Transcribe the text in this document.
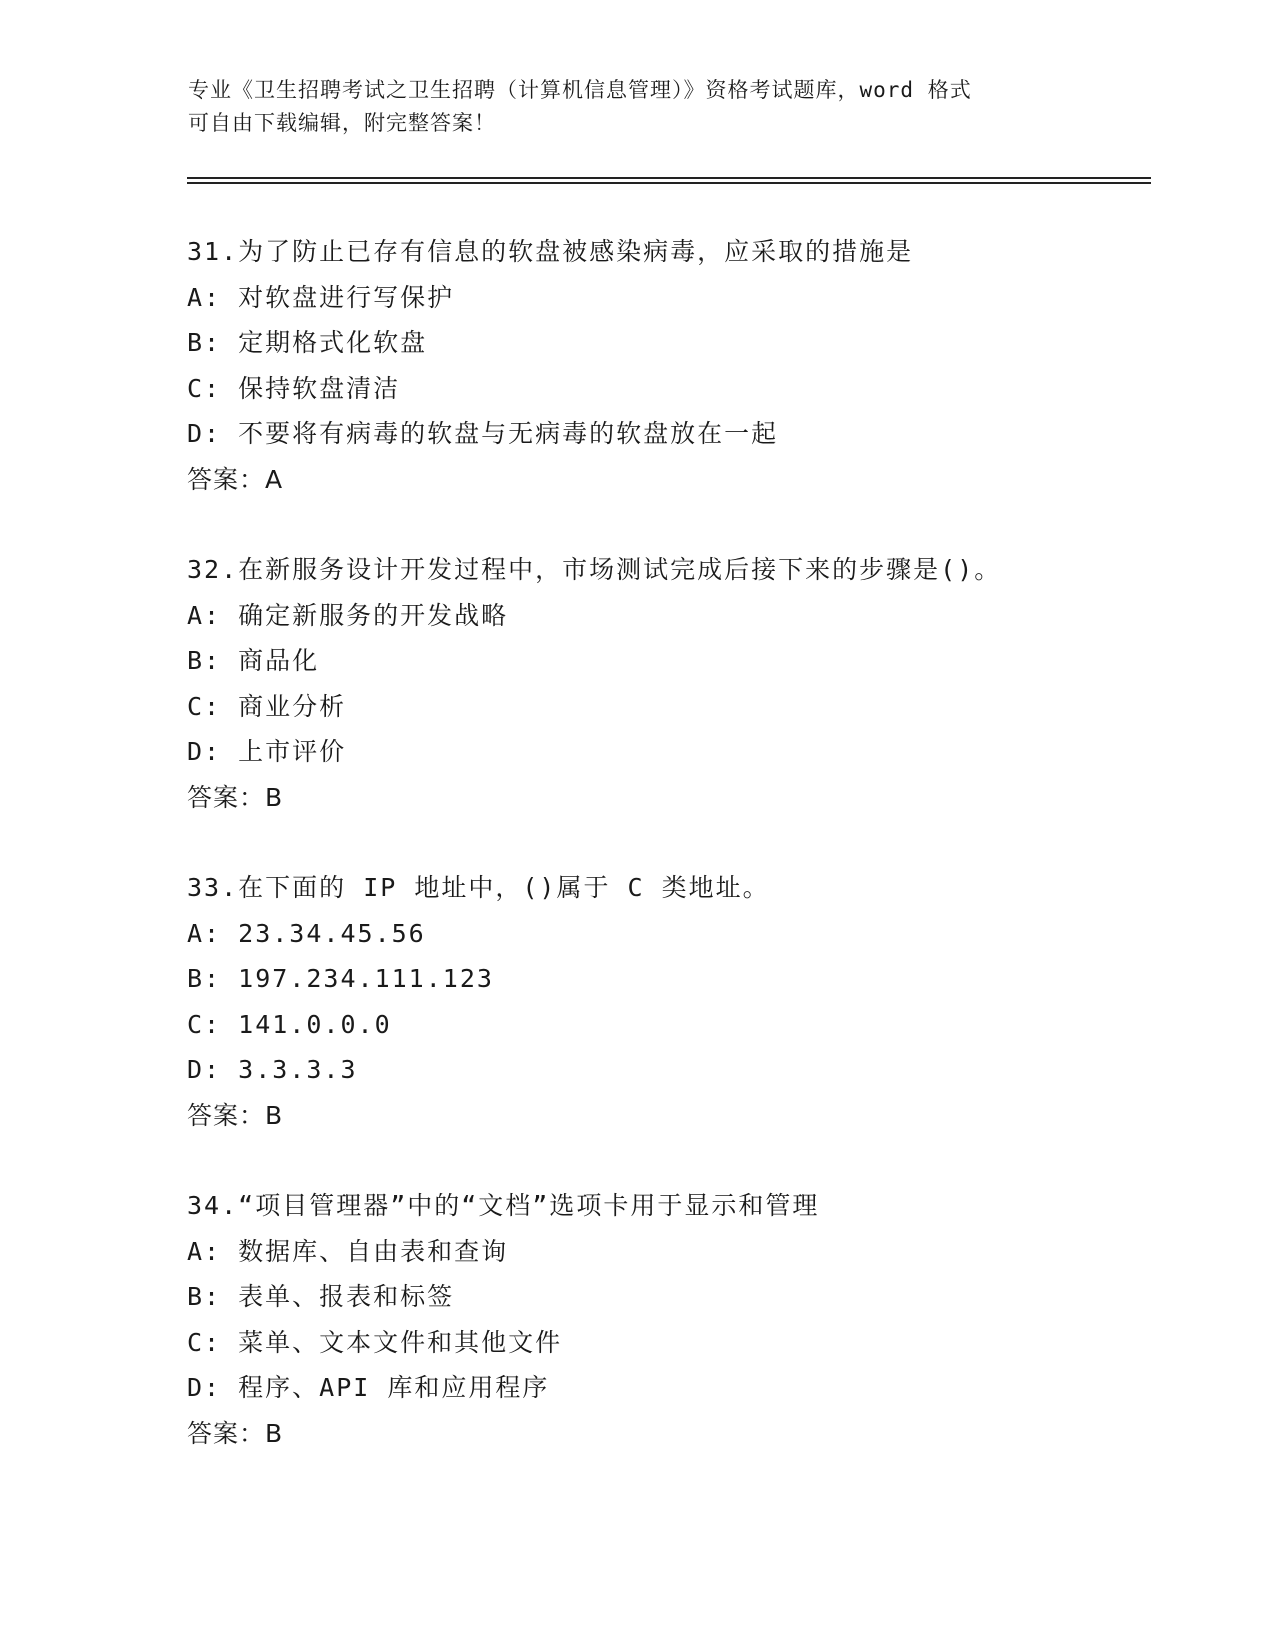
专业《卫生招聘考试之卫生招聘（计算机信息管理）》资格考试题库，word 格式
可自由下载编辑，附完整答案！
31.为了防止已存有信息的软盘被感染病毒，应采取的措施是
A: 对软盘进行写保护
B: 定期格式化软盘
C: 保持软盘清洁
D: 不要将有病毒的软盘与无病毒的软盘放在一起
答案：A
32.在新服务设计开发过程中，市场测试完成后接下来的步骤是()。
A: 确定新服务的开发战略
B: 商品化
C: 商业分析
D: 上市评价
答案：B
33.在下面的 IP 地址中，()属于 C 类地址。
A: 23.34.45.56
B: 197.234.111.123
C: 141.0.0.0
D: 3.3.3.3
答案：B
34.“项目管理器”中的“文档”选项卡用于显示和管理
A: 数据库、自由表和查询
B: 表单、报表和标签
C: 菜单、文本文件和其他文件
D: 程序、API 库和应用程序
答案：B
